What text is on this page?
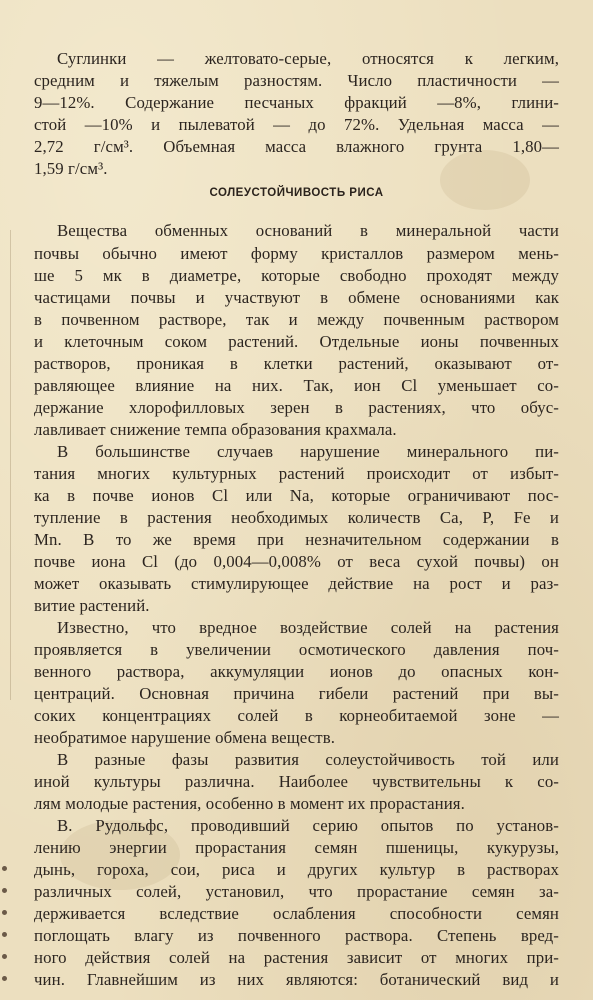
Суглинки — желтовато-серые, относятся к легким,
средним и тяжелым разностям. Число пластичности —
9—12%. Содержание песчаных фракций —8%, глини-
стой —10% и пылеватой — до 72%. Удельная масса —
2,72 г/см³. Объемная масса влажного грунта 1,80—
1,59 г/см³.
СОЛЕУСТОЙЧИВОСТЬ РИСА
Вещества обменных оснований в минеральной части
почвы обычно имеют форму кристаллов размером мень-
ше 5 мк в диаметре, которые свободно проходят между
частицами почвы и участвуют в обмене основаниями как
в почвенном растворе, так и между почвенным раствором
и клеточным соком растений. Отдельные ионы почвенных
растворов, проникая в клетки растений, оказывают от-
равляющее влияние на них. Так, ион Cl уменьшает со-
держание хлорофилловых зерен в растениях, что обус-
лавливает снижение темпа образования крахмала.
В большинстве случаев нарушение минерального пи-
тания многих культурных растений происходит от избыт-
ка в почве ионов Cl или Na, которые ограничивают пос-
тупление в растения необходимых количеств Ca, P, Fe и
Mn. В то же время при незначительном содержании в
почве иона Cl (до 0,004—0,008% от веса сухой почвы) он
может оказывать стимулирующее действие на рост и раз-
витие растений.
Известно, что вредное воздействие солей на растения
проявляется в увеличении осмотического давления поч-
венного раствора, аккумуляции ионов до опасных кон-
центраций. Основная причина гибели растений при вы-
соких концентрациях солей в корнеобитаемой зоне —
необратимое нарушение обмена веществ.
В разные фазы развития солеустойчивость той или
иной культуры различна. Наиболее чувствительны к со-
лям молодые растения, особенно в момент их прорастания.
В. Рудольфс, проводивший серию опытов по установ-
лению энергии прорастания семян пшеницы, кукурузы,
дынь, гороха, сои, риса и других культур в растворах
различных солей, установил, что прорастание семян за-
держивается вследствие ослабления способности семян
поглощать влагу из почвенного раствора. Степень вред-
ного действия солей на растения зависит от многих при-
чин. Главнейшим из них являются: ботанический вид и
